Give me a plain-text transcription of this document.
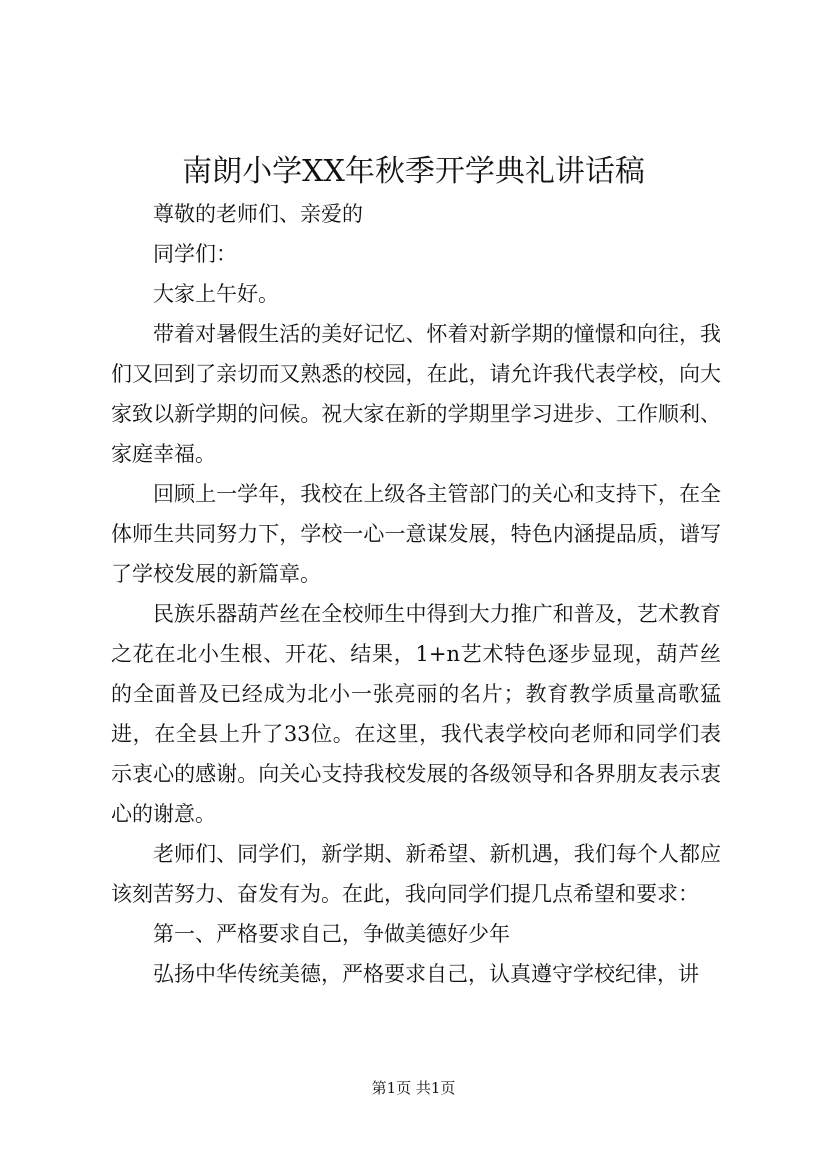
南朗小学XX年秋季开学典礼讲话稿

尊敬的老师们、亲爱的

同学们：

大家上午好。

带着对暑假生活的美好记忆、怀着对新学期的憧憬和向往，我们又回到了亲切而又熟悉的校园，在此，请允许我代表学校，向大家致以新学期的问候。祝大家在新的学期里学习进步、工作顺利、家庭幸福。

回顾上一学年，我校在上级各主管部门的关心和支持下，在全体师生共同努力下，学校一心一意谋发展，特色内涵提品质，谱写了学校发展的新篇章。

民族乐器葫芦丝在全校师生中得到大力推广和普及，艺术教育之花在北小生根、开花、结果，1+n艺术特色逐步显现，葫芦丝的全面普及已经成为北小一张亮丽的名片；教育教学质量高歌猛进，在全县上升了33位。在这里，我代表学校向老师和同学们表示衷心的感谢。向关心支持我校发展的各级领导和各界朋友表示衷心的谢意。

老师们、同学们，新学期、新希望、新机遇，我们每个人都应该刻苦努力、奋发有为。在此，我向同学们提几点希望和要求：

第一、严格要求自己，争做美德好少年

弘扬中华传统美德，严格要求自己，认真遵守学校纪律，讲

第1页 共1页
